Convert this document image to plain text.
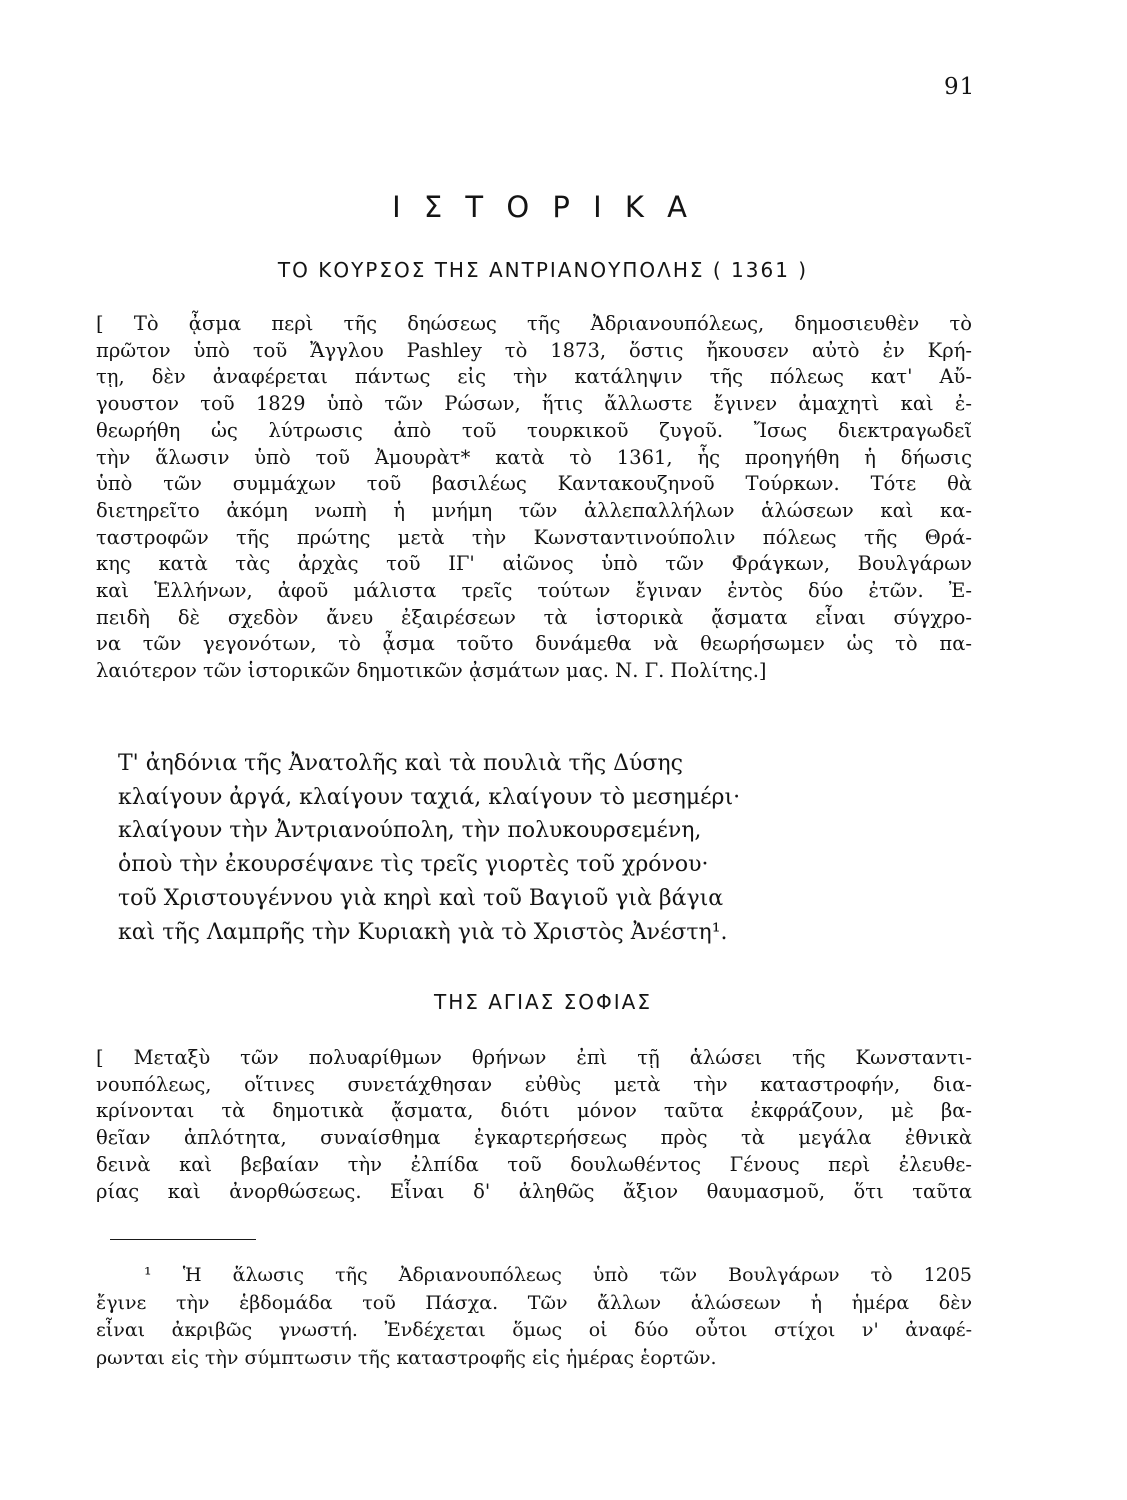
91
Ι Σ Τ Ο Ρ Ι Κ Α
ΤΟ ΚΟΥΡΣΟΣ ΤΗΣ ΑΝΤΡΙΑΝΟΥΠΟΛΗΣ ( 1361 )

[ Τὸ ᾆσμα περὶ τῆς δηώσεως τῆς Ἀδριανουπόλεως, δημοσιευθὲν τὸ
πρῶτον ὑπὸ τοῦ Ἄγγλου Pashley τὸ 1873, ὅστις ἤκουσεν αὐτὸ ἐν Κρή-
τῃ, δὲν ἀναφέρεται πάντως εἰς τὴν κατάληψιν τῆς πόλεως κατ' Αὔ-
γουστον τοῦ 1829 ὑπὸ τῶν Ρώσων, ἥτις ἄλλωστε ἔγινεν ἀμαχητὶ καὶ ἐ-
θεωρήθη ὡς λύτρωσις ἀπὸ τοῦ τουρκικοῦ ζυγοῦ. Ἴσως διεκτραγωδεῖ
τὴν ἅλωσιν ὑπὸ τοῦ Ἀμουρὰτ* κατὰ τὸ 1361, ἧς προηγήθη ἡ δήωσις
ὑπὸ τῶν συμμάχων τοῦ βασιλέως Καντακουζηνοῦ Τούρκων. Τότε θὰ
διετηρεῖτο ἀκόμη νωπὴ ἡ μνήμη τῶν ἀλλεπαλλήλων ἁλώσεων καὶ κα-
ταστροφῶν τῆς πρώτης μετὰ τὴν Κωνσταντινούπολιν πόλεως τῆς Θρά-
κης κατὰ τὰς ἀρχὰς τοῦ ΙΓ' αἰῶνος ὑπὸ τῶν Φράγκων, Βουλγάρων
καὶ Ἑλλήνων, ἀφοῦ μάλιστα τρεῖς τούτων ἔγιναν ἐντὸς δύο ἐτῶν. Ἐ-
πειδὴ δὲ σχεδὸν ἄνευ ἐξαιρέσεων τὰ ἱστορικὰ ᾄσματα εἶναι σύγχρο-
να τῶν γεγονότων, τὸ ᾆσμα τοῦτο δυνάμεθα νὰ θεωρήσωμεν ὡς τὸ πα-
λαιότερον τῶν ἱστορικῶν δημοτικῶν ᾀσμάτων μας. Ν. Γ. Πολίτης.]

Τ' ἀηδόνια τῆς Ἀνατολῆς καὶ τὰ πουλιὰ τῆς Δύσης
κλαίγουν ἀργά, κλαίγουν ταχιά, κλαίγουν τὸ μεσημέρι·
κλαίγουν τὴν Ἀντριανούπολη, τὴν πολυκουρσεμένη,
ὁποὺ τὴν ἐκουρσέψανε τὶς τρεῖς γιορτὲς τοῦ χρόνου·
τοῦ Χριστουγέννου γιὰ κηρὶ καὶ τοῦ Βαγιοῦ γιὰ βάγια
καὶ τῆς Λαμπρῆς τὴν Κυριακὴ γιὰ τὸ Χριστὸς Ἀνέστη¹.

ΤΗΣ ΑΓΙΑΣ ΣΟΦΙΑΣ

[ Μεταξὺ τῶν πολυαρίθμων θρήνων ἐπὶ τῇ ἁλώσει τῆς Κωνσταντι-
νουπόλεως, οἵτινες συνετάχθησαν εὐθὺς μετὰ τὴν καταστροφήν, δια-
κρίνονται τὰ δημοτικὰ ᾄσματα, διότι μόνον ταῦτα ἐκφράζουν, μὲ βα-
θεῖαν ἁπλότητα, συναίσθημα ἐγκαρτερήσεως πρὸς τὰ μεγάλα ἐθνικὰ
δεινὰ καὶ βεβαίαν τὴν ἐλπίδα τοῦ δουλωθέντος Γένους περὶ ἐλευθε-
ρίας καὶ ἀνορθώσεως. Εἶναι δ' ἀληθῶς ἄξιον θαυμασμοῦ, ὅτι ταῦτα

¹ Ἡ ἅλωσις τῆς Ἀδριανουπόλεως ὑπὸ τῶν Βουλγάρων τὸ 1205
ἔγινε τὴν ἑβδομάδα τοῦ Πάσχα. Τῶν ἄλλων ἁλώσεων ἡ ἡμέρα δὲν
εἶναι ἀκριβῶς γνωστή. Ἐνδέχεται ὅμως οἱ δύο οὗτοι στίχοι ν' ἀναφέ-
ρωνται εἰς τὴν σύμπτωσιν τῆς καταστροφῆς εἰς ἡμέρας ἑορτῶν.
